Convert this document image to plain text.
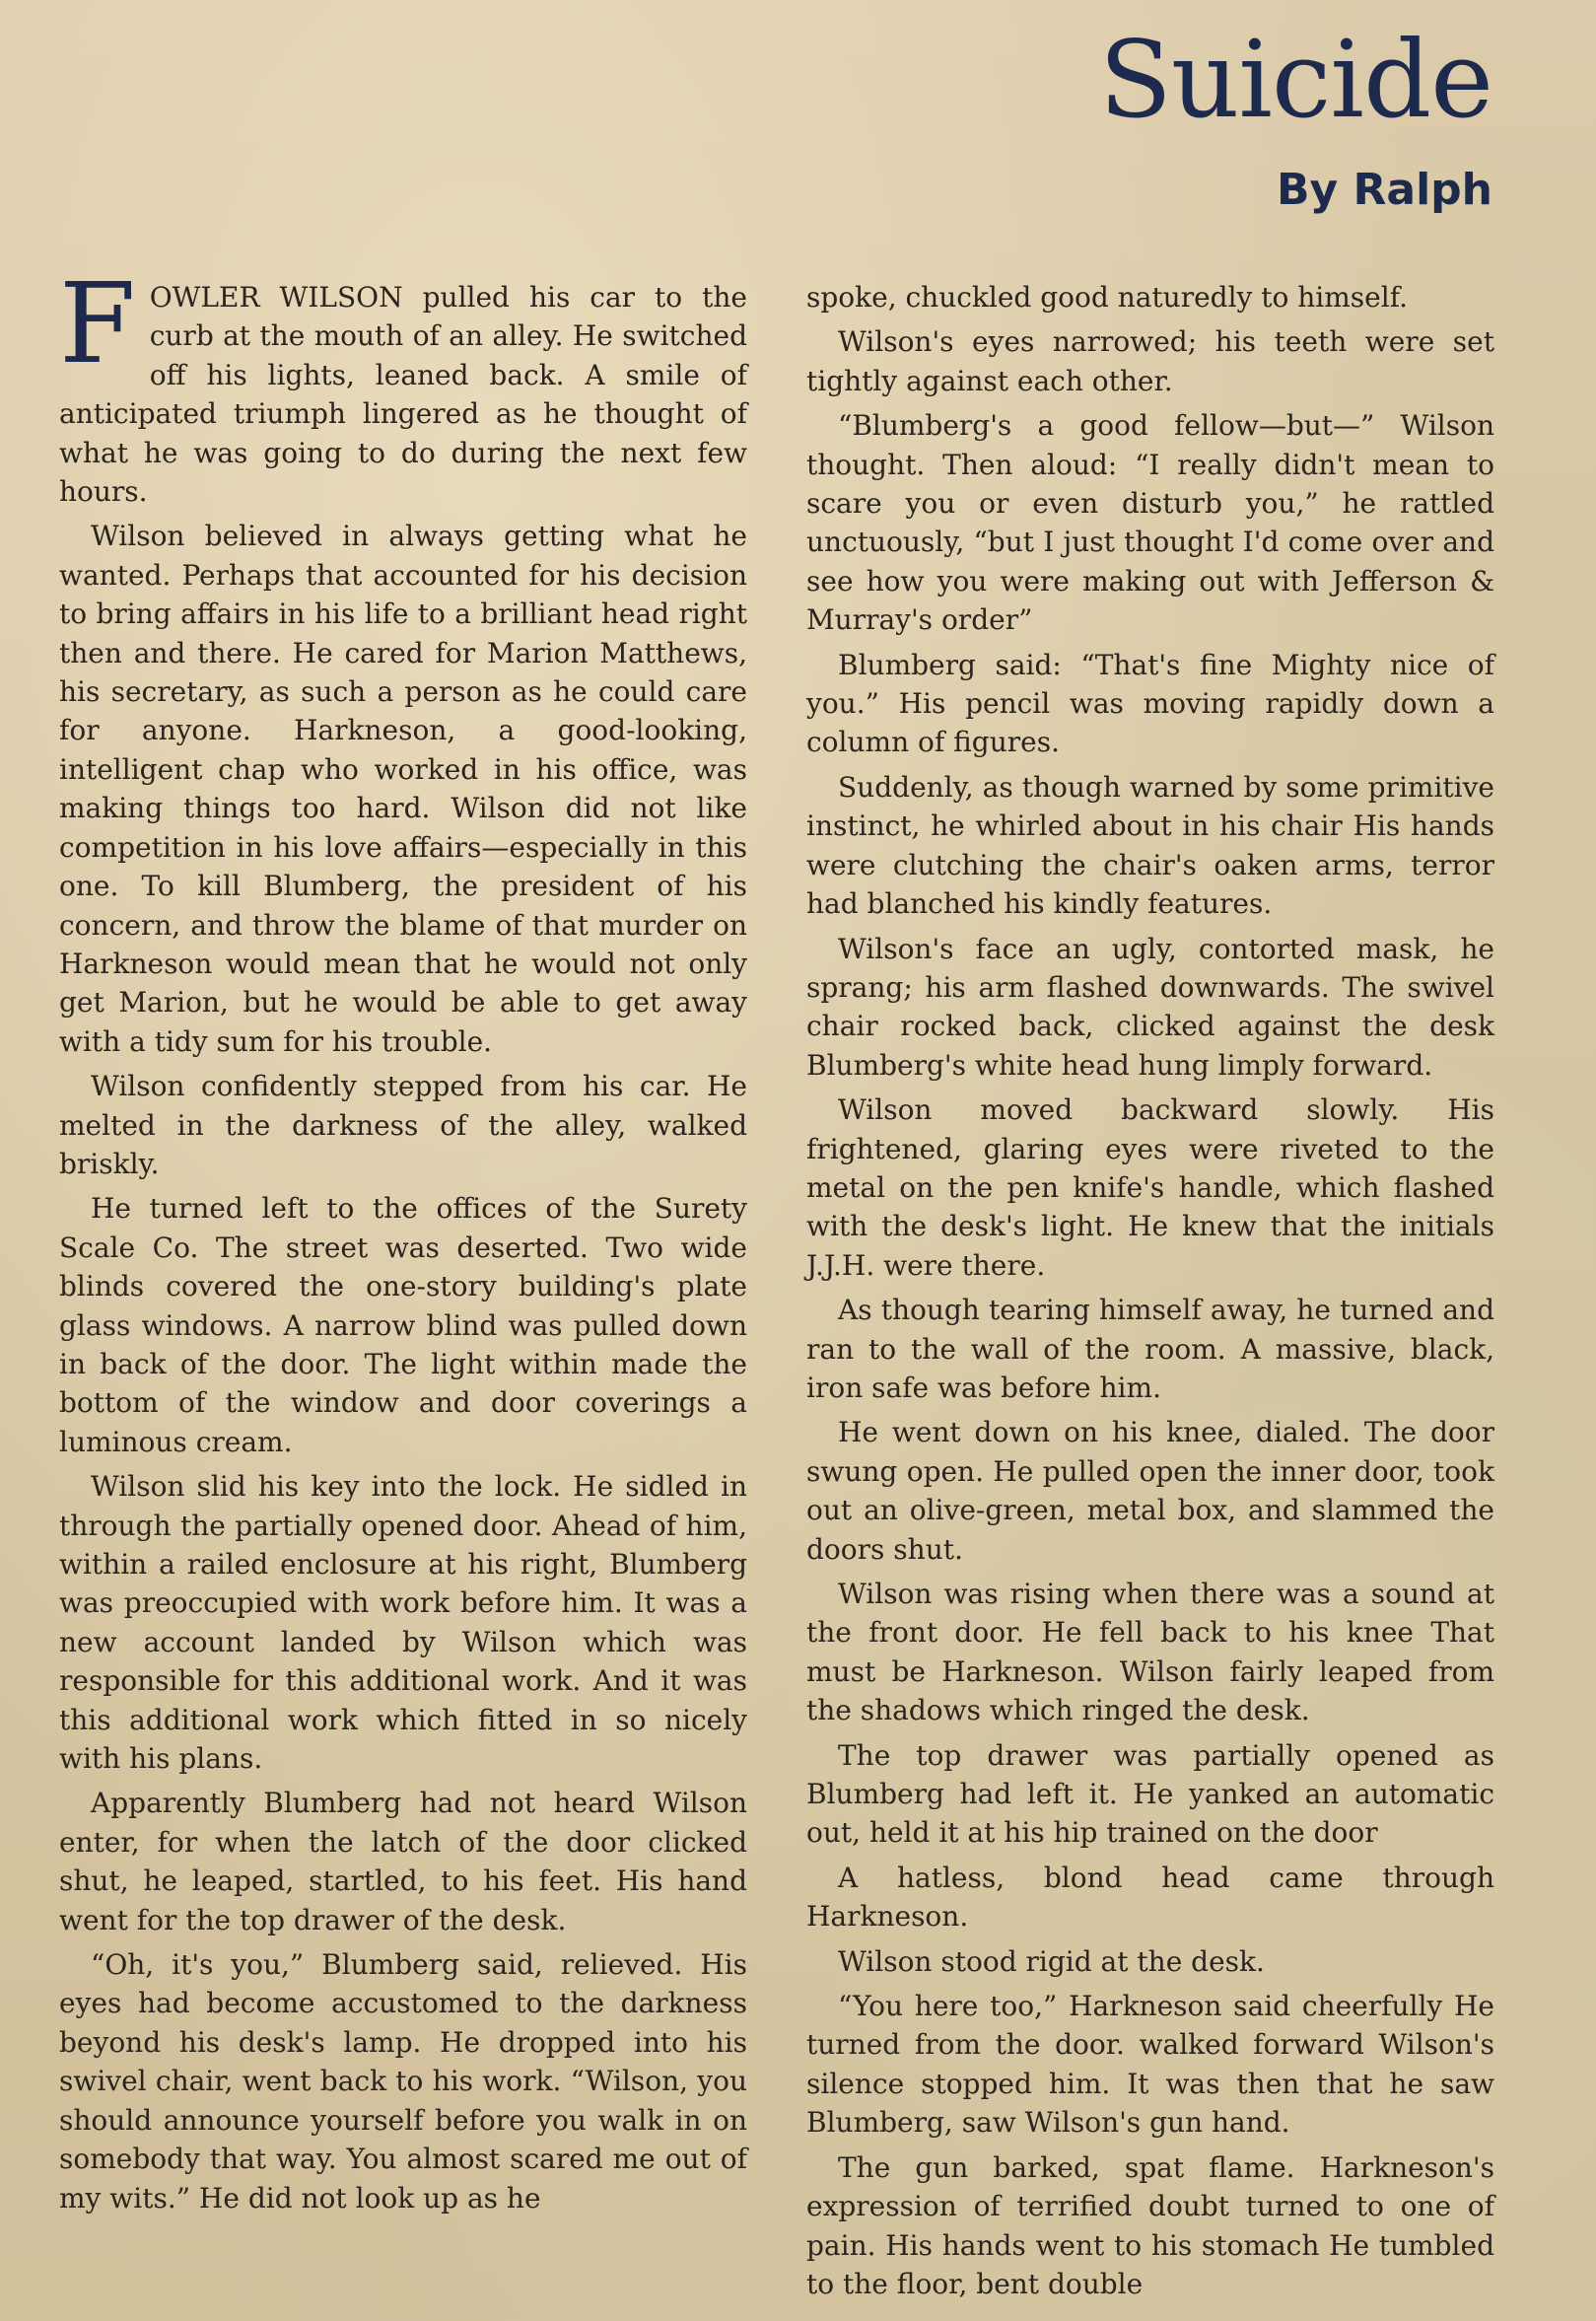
Suicide
By Ralph

FOWLER WILSON pulled his car to the curb at the mouth of an alley. He switched off his lights, leaned back. A smile of anticipated triumph lingered as he thought of what he was going to do during the next few hours.

Wilson believed in always getting what he wanted. Perhaps that accounted for his decision to bring affairs in his life to a brilliant head right then and there. He cared for Marion Matthews, his secretary, as such a person as he could care for anyone. Harkneson, a good-looking, intelligent chap who worked in his office, was making things too hard. Wilson did not like competition in his love affairs—especially in this one. To kill Blumberg, the president of his concern, and throw the blame of that murder on Harkneson would mean that he would not only get Marion, but he would be able to get away with a tidy sum for his trouble.

Wilson confidently stepped from his car. He melted in the darkness of the alley, walked briskly.

He turned left to the offices of the Surety Scale Co. The street was deserted. Two wide blinds covered the one-story building's plate glass windows. A narrow blind was pulled down in back of the door. The light within made the bottom of the window and door coverings a luminous cream.

Wilson slid his key into the lock. He sidled in through the partially opened door. Ahead of him, within a railed enclosure at his right, Blumberg was preoccupied with work before him. It was a new account landed by Wilson which was responsible for this additional work. And it was this additional work which fitted in so nicely with his plans.

Apparently Blumberg had not heard Wilson enter, for when the latch of the door clicked shut, he leaped, startled, to his feet. His hand went for the top drawer of the desk.

“Oh, it's you,” Blumberg said, relieved. His eyes had become accustomed to the darkness beyond his desk's lamp. He dropped into his swivel chair, went back to his work. “Wilson, you should announce yourself before you walk in on somebody that way. You almost scared me out of my wits.” He did not look up as he

spoke, chuckled good naturedly to himself.

Wilson's eyes narrowed; his teeth were set tightly against each other.

“Blumberg's a good fellow—but—” Wilson thought. Then aloud: “I really didn't mean to scare you or even disturb you,” he rattled unctuously, “but I just thought I'd come over and see how you were making out with Jefferson & Murray's order”

Blumberg said: “That's fine Mighty nice of you.” His pencil was moving rapidly down a column of figures.

Suddenly, as though warned by some primitive instinct, he whirled about in his chair His hands were clutching the chair's oaken arms, terror had blanched his kindly features.

Wilson's face an ugly, contorted mask, he sprang; his arm flashed downwards. The swivel chair rocked back, clicked against the desk Blumberg's white head hung limply forward.

Wilson moved backward slowly. His frightened, glaring eyes were riveted to the metal on the pen knife's handle, which flashed with the desk's light. He knew that the initials J.J.H. were there.

As though tearing himself away, he turned and ran to the wall of the room. A massive, black, iron safe was before him.

He went down on his knee, dialed. The door swung open. He pulled open the inner door, took out an olive-green, metal box, and slammed the doors shut.

Wilson was rising when there was a sound at the front door. He fell back to his knee That must be Harkneson. Wilson fairly leaped from the shadows which ringed the desk.

The top drawer was partially opened as Blumberg had left it. He yanked an automatic out, held it at his hip trained on the door

A hatless, blond head came through Harkneson.

Wilson stood rigid at the desk.

“You here too,” Harkneson said cheerfully He turned from the door. walked forward Wilson's silence stopped him. It was then that he saw Blumberg, saw Wilson's gun hand.

The gun barked, spat flame. Harkneson's expression of terrified doubt turned to one of pain. His hands went to his stomach He tumbled to the floor, bent double
